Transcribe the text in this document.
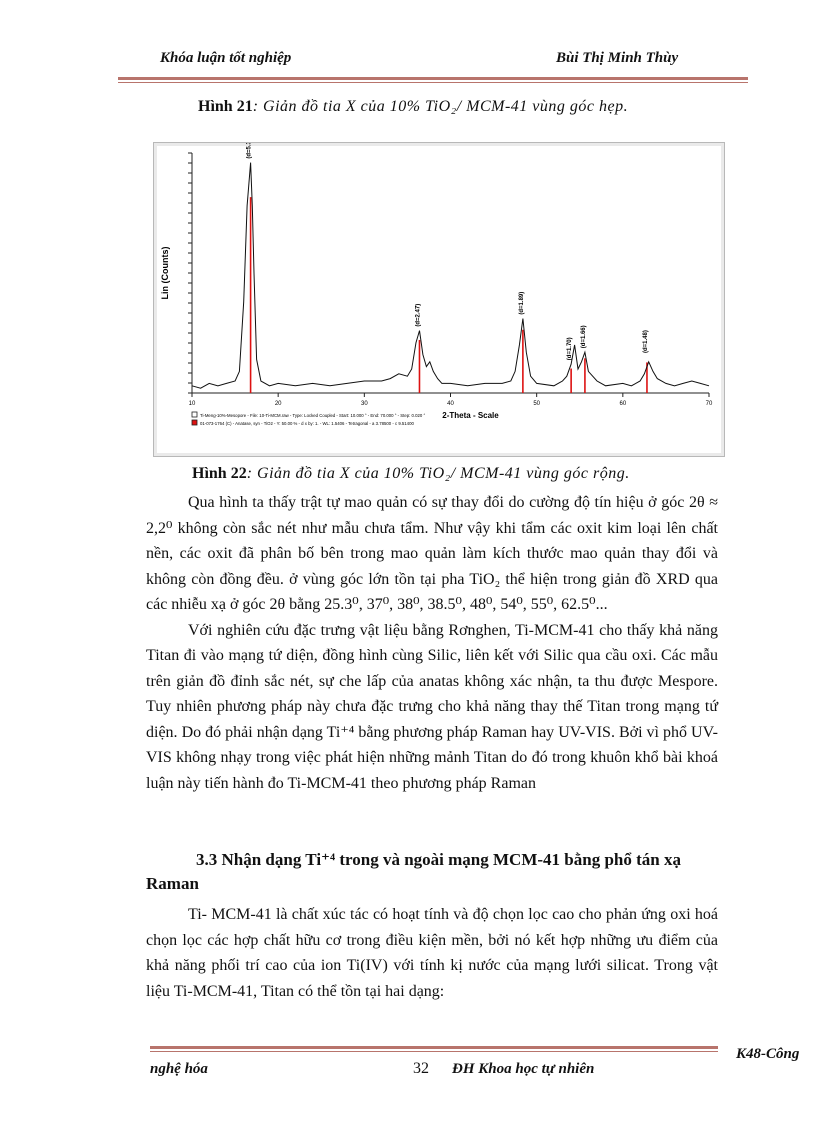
Khóa luận tốt nghiệp	Bùi Thị Minh Thùy
Hình 21: Giản đồ tia X của 10% TiO₂/ MCM-41 vùng góc hẹp.
Lin (Counts)
10	20	30	40	50	60	70
2-Theta - Scale
(d=5.3)
(d=2.47)
(d=1.89)
(d=1.70)
(d=1.66)	(d=1.48)
Ti-Meng-10%-Mesopore - File: 10-Ti-MCM.raw - Type: Locked Coupled - Start: 10.000 ° - End: 70.000 ° - Step: 0.020 °
01-073-1764 (C) - Anatase, syn - TiO2 - Y: 50.00 % - d x by: 1. - WL: 1.5406 - Tetragonal - a 3.78500 - c 9.51400
Hình 22: Giản đồ tia X của 10% TiO₂/ MCM-41 vùng góc rộng.

Qua hình ta thấy trật tự mao quản có sự thay đổi do cường độ tín hiệu ở góc 2θ ≈ 2,2⁰ không còn sắc nét như mẫu chưa tẩm. Như vậy khi tẩm các oxit kim loại lên chất nền, các oxit đã phân bố bên trong mao quản làm kích thước mao quản thay đổi và không còn đồng đều. ở vùng góc lớn tồn tại pha TiO₂ thể hiện trong giản đồ XRD qua các nhiễu xạ ở góc 2θ bằng 25.3⁰, 37⁰, 38⁰, 38.5⁰, 48⁰, 54⁰, 55⁰, 62.5⁰...

Với nghiên cứu đặc trưng vật liệu bằng Rơnghen, Ti-MCM-41 cho thấy khả năng Titan đi vào mạng tứ diện, đồng hình cùng Silic, liên kết với Silic qua cầu oxi. Các mẫu trên giản đồ đỉnh sắc nét, sự che lấp của anatas không xác nhận, ta thu được Mespore. Tuy nhiên phương pháp này chưa đặc trưng cho khả năng thay thế Titan trong mạng tứ diện. Do đó phải nhận dạng Ti⁺⁴ bằng phương pháp Raman hay UV-VIS. Bởi vì phổ UV-VIS không nhạy trong việc phát hiện những mảnh Titan do đó trong khuôn khổ bài khoá luận này tiến hành đo Ti-MCM-41 theo phương pháp Raman

3.3 Nhận dạng Ti⁺⁴ trong và ngoài mạng MCM-41 bằng phổ tán xạ Raman

Ti- MCM-41 là chất xúc tác có hoạt tính và độ chọn lọc cao cho phản ứng oxi hoá chọn lọc các hợp chất hữu cơ trong điều kiện mền, bởi nó kết hợp những ưu điểm của khả năng phối trí cao của ion Ti(IV) với tính kị nước của mạng lưới silicat. Trong vật liệu Ti-MCM-41, Titan có thể tồn tại hai dạng:

K48-Công
nghệ hóa	32 ĐH Khoa học tự nhiên
